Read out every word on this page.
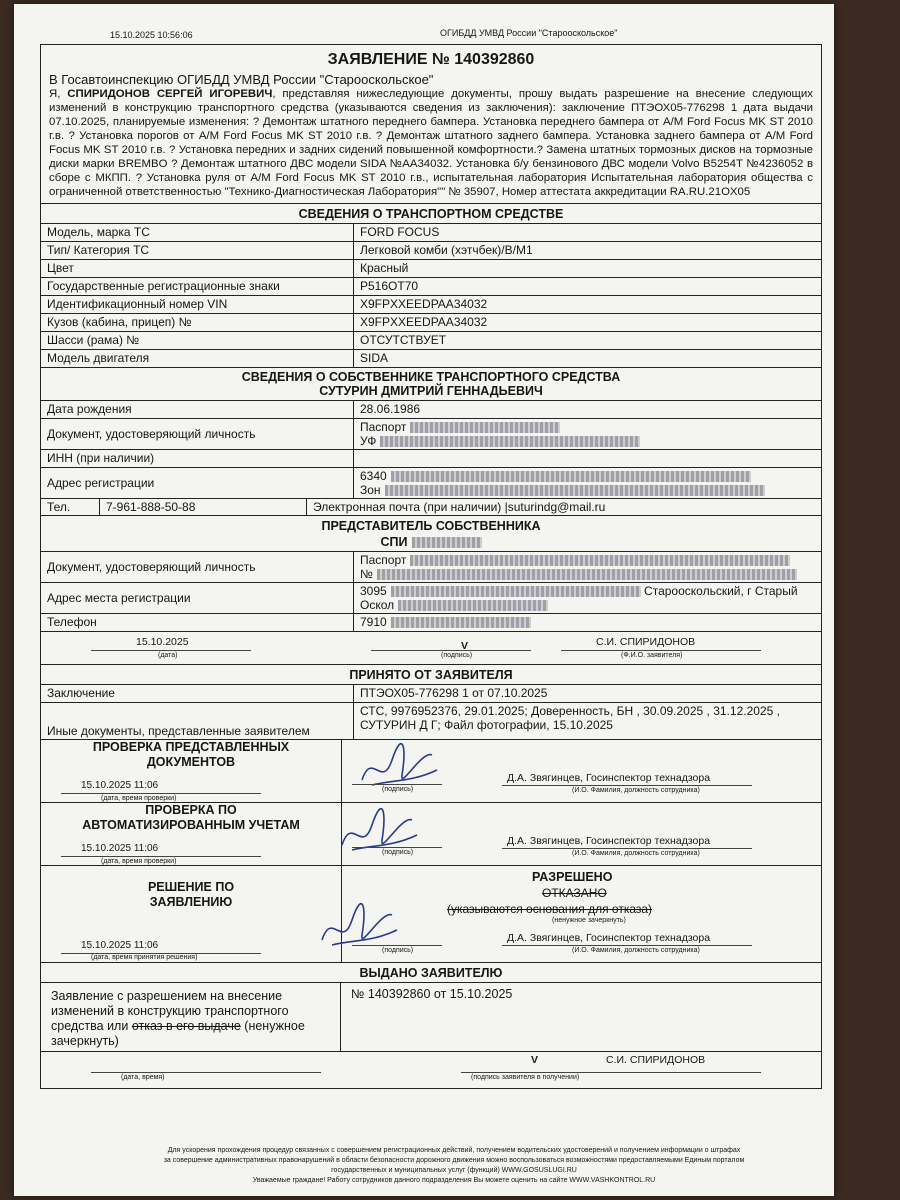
15.10.2025 10:56:06	ОГИБДД УМВД России "Старооскольское"
ЗАЯВЛЕНИЕ № 140392860
В Госавтоинспекцию ОГИБДД УМВД России "Старооскольское"
Я, СПИРИДОНОВ СЕРГЕЙ ИГОРЕВИЧ, представляя нижеследующие документы, прошу выдать разрешение на внесение следующих изменений в конструкцию транспортного средства (указываются сведения из заключения): заключение ПТЭОХ05-776298 1 дата выдачи 07.10.2025, планируемые изменения: ? Демонтаж штатного переднего бампера. Установка переднего бампера от А/М Ford Focus MK ST 2010 г.в. ? Установка порогов от А/М Ford Focus MK ST 2010 г.в. ? Демонтаж штатного заднего бампера. Установка заднего бампера от А/М Ford Focus MK ST 2010 г.в. ? Установка передних и задних сидений повышенной комфортности.? Замена штатных тормозных дисков на тормозные диски марки BREMBO ? Демонтаж штатного ДВС модели SIDA №АА34032. Установка б/у бензинового ДВС модели Volvo B5254T №4236052 в сборе с МКПП. ? Установка руля от А/М Ford Focus MK ST 2010 г.в., испытательная лаборатория Испытательная лаборатория общества с ограниченной ответственностью "Технико-Диагностическая Лаборатория"" № 35907, Номер аттестата аккредитации RA.RU.21OX05
СВЕДЕНИЯ О ТРАНСПОРТНОМ СРЕДСТВЕ
Модель, марка ТС	FORD FOCUS
Тип/ Категория ТС	Легковой комби (хэтчбек)/B/M1
Цвет	Красный
Государственные регистрационные знаки	Р516ОТ70
Идентификационный номер VIN	X9FPXXEEDPAA34032
Кузов (кабина, прицеп) №	X9FPXXEEDPAA34032
Шасси (рама) №	ОТСУТСТВУЕТ
Модель двигателя	SIDA
СВЕДЕНИЯ О СОБСТВЕННИКЕ ТРАНСПОРТНОГО СРЕДСТВА
СУТУРИН ДМИТРИЙ ГЕННАДЬЕВИЧ
Дата рождения	28.06.1986
Документ, удостоверяющий личность	Паспорт
УФ
ИНН (при наличии)
Адрес регистрации	6340
Зон
Тел.	7-961-888-50-88	Электронная почта (при наличии) |suturindg@mail.ru
ПРЕДСТАВИТЕЛЬ СОБСТВЕННИКА
СПИ
Документ, удостоверяющий личность	Паспорт
№
Адрес места регистрации	3095	Старооскольский, г Старый
Оскол
Телефон	7910
15.10.2025
(дата)
V
(подпись)
С.И. СПИРИДОНОВ
(Ф.И.О. заявителя)
ПРИНЯТО ОТ ЗАЯВИТЕЛЯ
Заключение	ПТЭОХ05-776298 1 от 07.10.2025
Иные документы, представленные заявителем
СТС, 9976952376, 29.01.2025; Доверенность, БН , 30.09.2025 , 31.12.2025 , СУТУРИН Д Г; Файл фотографии, 15.10.2025
ПРОВЕРКА ПРЕДСТАВЛЕННЫХ ДОКУМЕНТОВ
15.10.2025 11:06
(дата, время проверки)
(подпись)
Д.А. Звягинцев, Госинспектор технадзора
(И.О. Фамилия, должность сотрудника)
ПРОВЕРКА ПО АВТОМАТИЗИРОВАННЫМ УЧЕТАМ
15.10.2025 11:06
(дата, время проверки)
(подпись)
Д.А. Звягинцев, Госинспектор технадзора
(И.О. Фамилия, должность сотрудника)
РЕШЕНИЕ ПО ЗАЯВЛЕНИЮ
15.10.2025 11:06
(дата, время принятия решения)
РАЗРЕШЕНО
ОТКАЗАНО
(указываются основания для отказа)
(ненужное зачеркнуть)
(подпись)
Д.А. Звягинцев, Госинспектор технадзора
(И.О. Фамилия, должность сотрудника)
ВЫДАНО ЗАЯВИТЕЛЮ
Заявление с разрешением на внесение изменений в конструкцию транспортного средства или отказ в его выдаче (ненужное зачеркнуть)
№ 140392860 от 15.10.2025
(дата, время)
V	С.И. СПИРИДОНОВ
(подпись заявителя в получении)
Для ускорения прохождения процедур связанных с совершением регистрационных действий, получением водительских удостоверений и получением информации о штрафах
за совершение административных правонарушений в области безопасности дорожного движения можно воспользоваться возможностями предоставляемыми Единым порталом
государственных и муниципальных услуг (функций) WWW.GOSUSLUGI.RU
Уважаемые граждане! Работу сотрудников данного подразделения Вы можете оценить на сайте WWW.VASHKONTROL.RU
